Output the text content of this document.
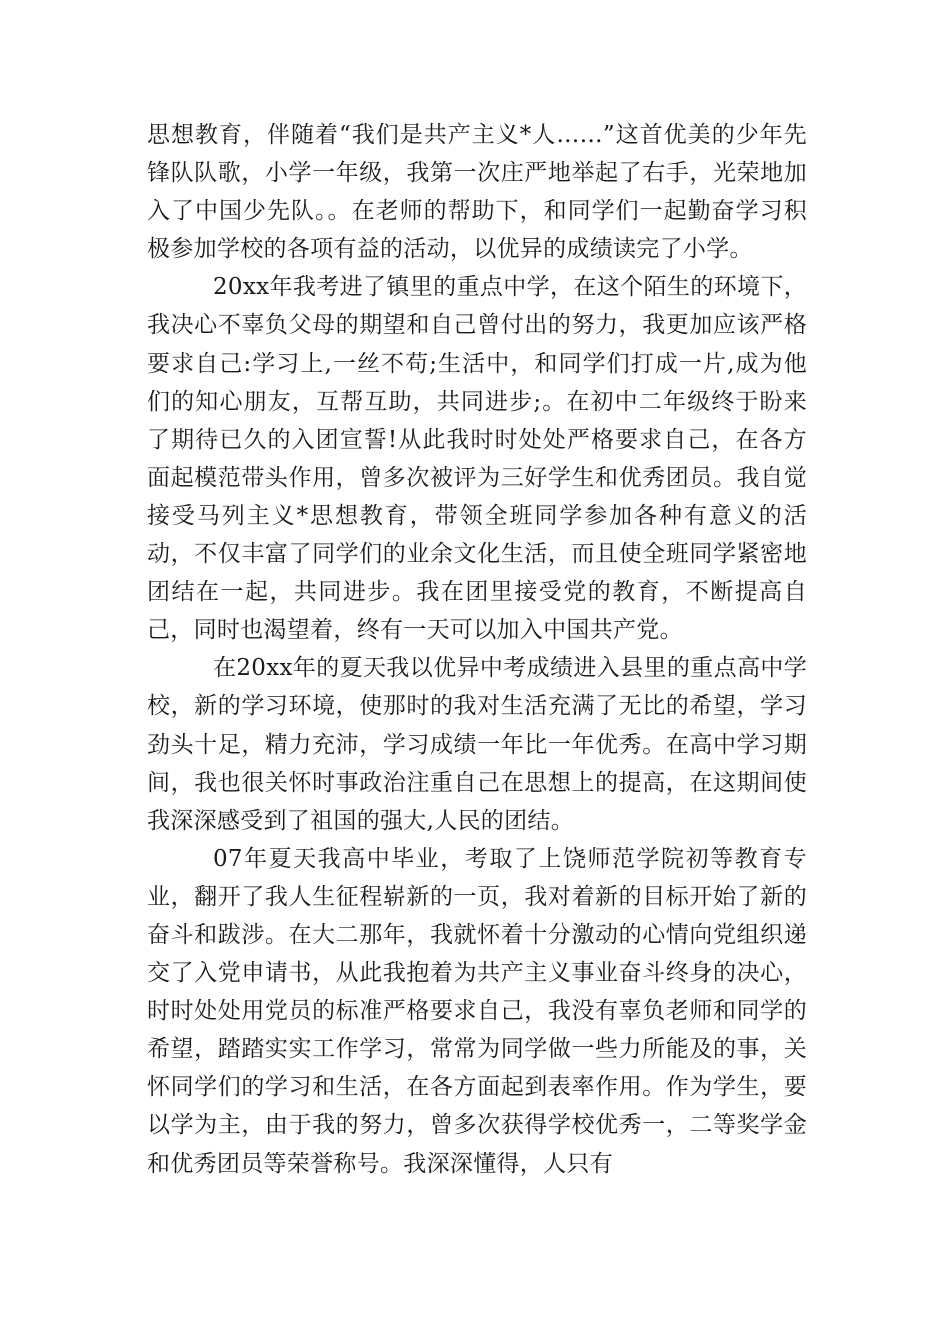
思想教育，伴随着“我们是共产主义*人……”这首优美的少年先锋队队歌，小学一年级，我第一次庄严地举起了右手，光荣地加入了中国少先队。。在老师的帮助下，和同学们一起勤奋学习积极参加学校的各项有益的活动，以优异的成绩读完了小学。

20xx年我考进了镇里的重点中学，在这个陌生的环境下，我决心不辜负父母的期望和自己曾付出的努力，我更加应该严格要求自己:学习上,一丝不苟;生活中，和同学们打成一片,成为他们的知心朋友，互帮互助，共同进步;。在初中二年级终于盼来了期待已久的入团宣誓!从此我时时处处严格要求自己，在各方面起模范带头作用，曾多次被评为三好学生和优秀团员。我自觉接受马列主义*思想教育，带领全班同学参加各种有意义的活动，不仅丰富了同学们的业余文化生活，而且使全班同学紧密地团结在一起，共同进步。我在团里接受党的教育，不断提高自己，同时也渴望着，终有一天可以加入中国共产党。

在20xx年的夏天我以优异中考成绩进入县里的重点高中学校，新的学习环境，使那时的我对生活充满了无比的希望，学习劲头十足，精力充沛，学习成绩一年比一年优秀。在高中学习期间，我也很关怀时事政治注重自己在思想上的提高，在这期间使我深深感受到了祖国的强大,人民的团结。

07年夏天我高中毕业，考取了上饶师范学院初等教育专业，翻开了我人生征程崭新的一页，我对着新的目标开始了新的奋斗和跋涉。在大二那年，我就怀着十分激动的心情向党组织递交了入党申请书，从此我抱着为共产主义事业奋斗终身的决心，时时处处用党员的标准严格要求自己，我没有辜负老师和同学的希望，踏踏实实工作学习，常常为同学做一些力所能及的事，关怀同学们的学习和生活，在各方面起到表率作用。作为学生，要以学为主，由于我的努力，曾多次获得学校优秀一，二等奖学金和优秀团员等荣誉称号。我深深懂得，人只有
